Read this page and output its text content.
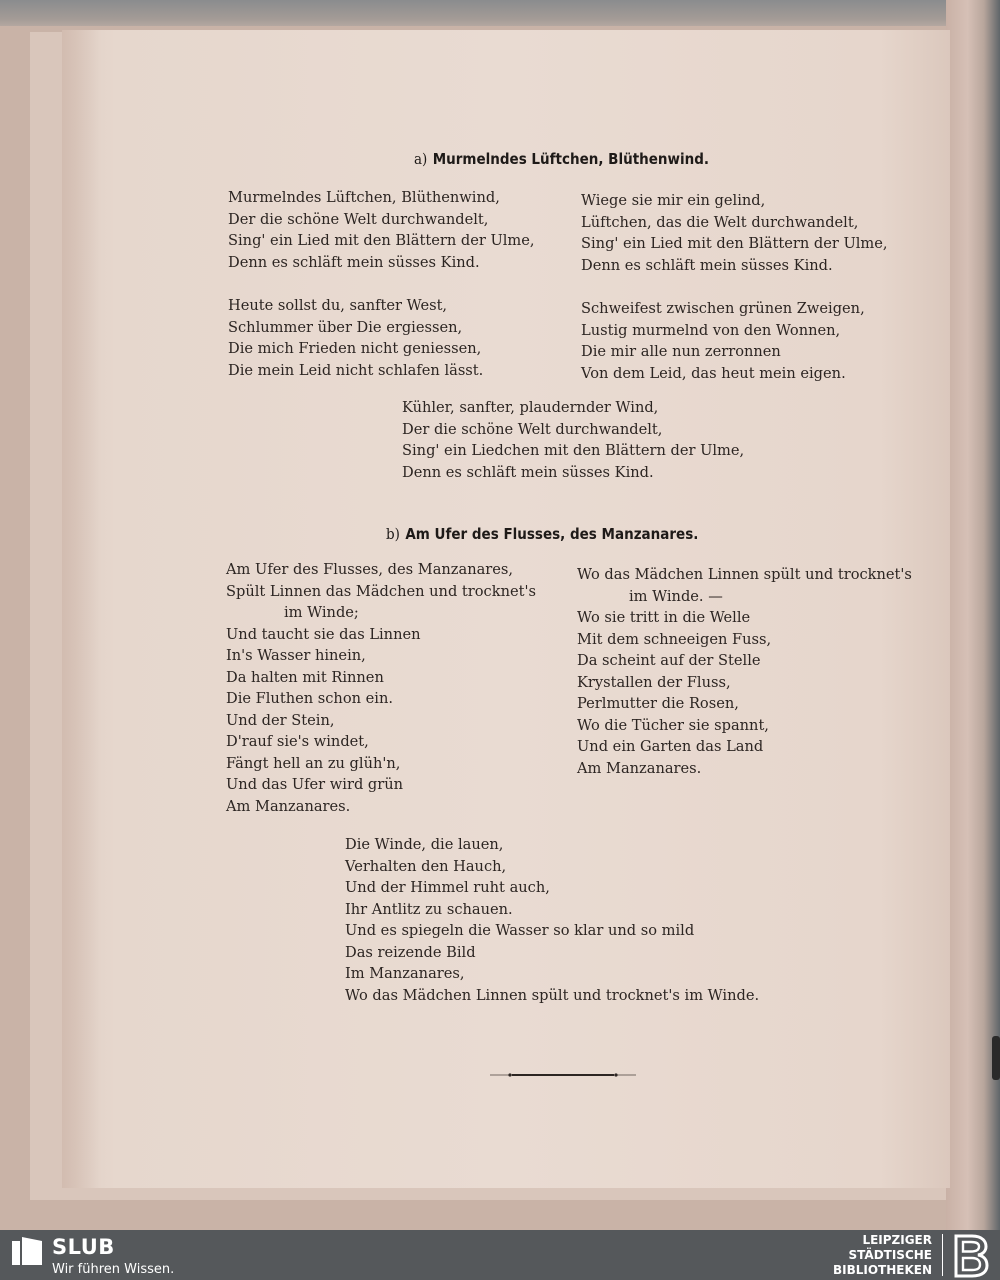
a) Murmelndes Lüftchen, Blüthenwind.
Murmelndes Lüftchen, Blüthenwind,
Der die schöne Welt durchwandelt,
Sing' ein Lied mit den Blättern der Ulme,
Denn es schläft mein süsses Kind.
Heute sollst du, sanfter West,
Schlummer über Die ergiessen,
Die mich Frieden nicht geniessen,
Die mein Leid nicht schlafen lässt.
Wiege sie mir ein gelind,
Lüftchen, das die Welt durchwandelt,
Sing' ein Lied mit den Blättern der Ulme,
Denn es schläft mein süsses Kind.
Schweifest zwischen grünen Zweigen,
Lustig murmelnd von den Wonnen,
Die mir alle nun zerronnen
Von dem Leid, das heut mein eigen.
Kühler, sanfter, plaudernder Wind,
Der die schöne Welt durchwandelt,
Sing' ein Liedchen mit den Blättern der Ulme,
Denn es schläft mein süsses Kind.
b) Am Ufer des Flusses, des Manzanares.
Am Ufer des Flusses, des Manzanares,
Spült Linnen das Mädchen und trocknet's
im Winde;
Und taucht sie das Linnen
In's Wasser hinein,
Da halten mit Rinnen
Die Fluthen schon ein.
Und der Stein,
D'rauf sie's windet,
Fängt hell an zu glüh'n,
Und das Ufer wird grün
Am Manzanares.
Wo das Mädchen Linnen spült und trocknet's
im Winde. —
Wo sie tritt in die Welle
Mit dem schneeigen Fuss,
Da scheint auf der Stelle
Krystallen der Fluss,
Perlmutter die Rosen,
Wo die Tücher sie spannt,
Und ein Garten das Land
Am Manzanares.
Die Winde, die lauen,
Verhalten den Hauch,
Und der Himmel ruht auch,
Ihr Antlitz zu schauen.
Und es spiegeln die Wasser so klar und so mild
Das reizende Bild
Im Manzanares,
Wo das Mädchen Linnen spült und trocknet's im Winde.
SLUB
Wir führen Wissen.
LEIPZIGER
STÄDTISCHE
BIBLIOTHEKEN
